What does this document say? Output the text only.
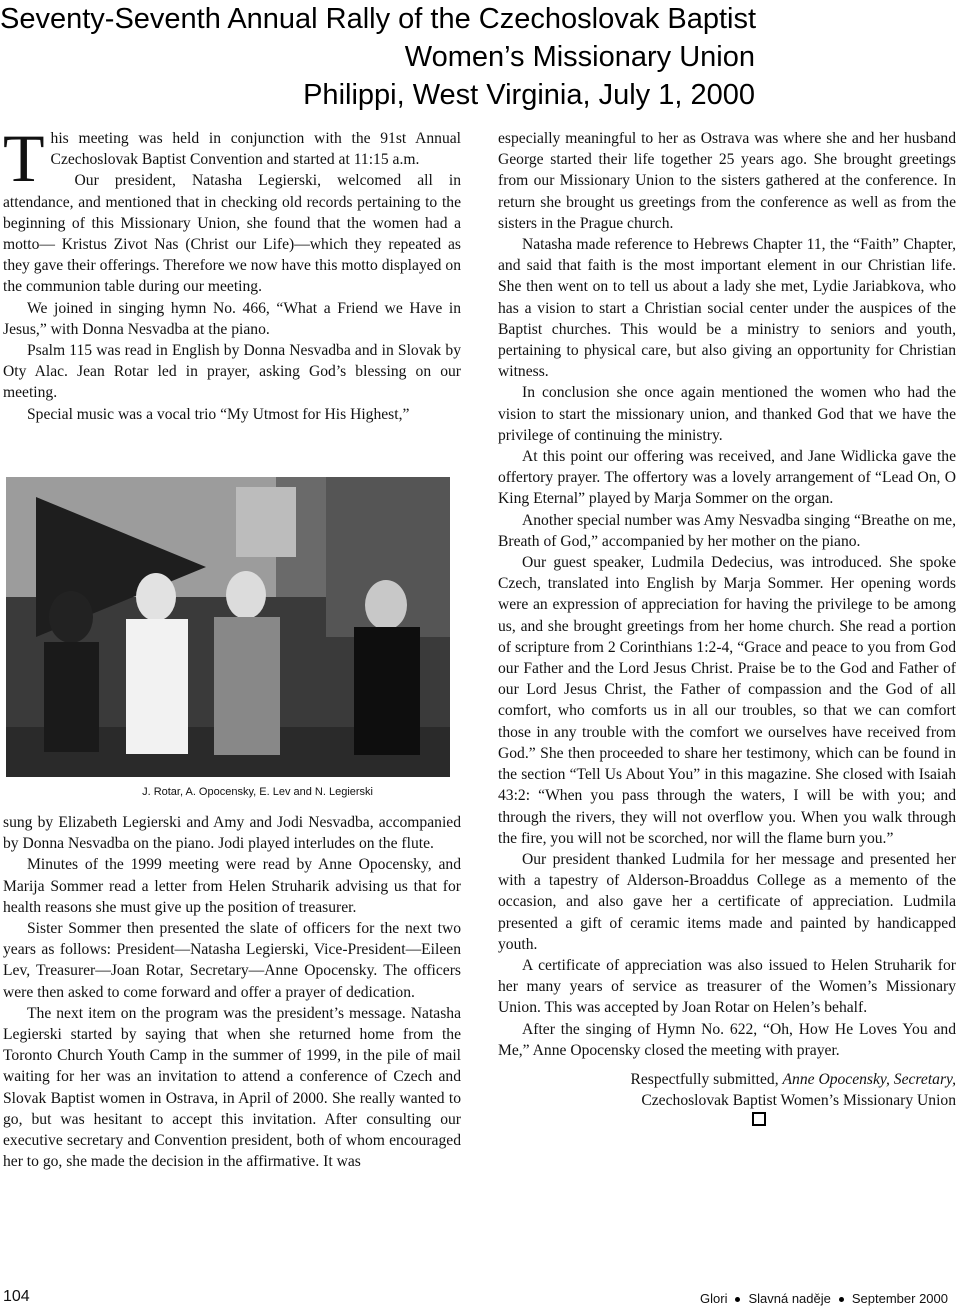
Seventy-Seventh Annual Rally of the Czechoslovak Baptist
Women’s Missionary Union
Philippi, West Virginia, July 1, 2000

This meeting was held in conjunction with the 91st Annual Czechoslovak Baptist Convention and started at 11:15 a.m.

Our president, Natasha Legierski, welcomed all in attendance, and mentioned that in checking old records pertaining to the beginning of this Missionary Union, she found that the women had a motto— Kristus Zivot Nas (Christ our Life)—which they repeated as they gave their offerings. Therefore we now have this motto displayed on the communion table during our meeting.

We joined in singing hymn No. 466, “What a Friend we Have in Jesus,” with Donna Nesvadba at the piano.

Psalm 115 was read in English by Donna Nesvadba and in Slovak by Oty Alac. Jean Rotar led in prayer, asking God’s blessing on our meeting.

Special music was a vocal trio “My Utmost for His Highest,”

J. Rotar, A. Opocensky, E. Lev and N. Legierski

sung by Elizabeth Legierski and Amy and Jodi Nesvadba, accompanied by Donna Nesvadba on the piano. Jodi played interludes on the flute.

Minutes of the 1999 meeting were read by Anne Opocensky, and Marija Sommer read a letter from Helen Struharik advising us that for health reasons she must give up the position of treasurer.

Sister Sommer then presented the slate of officers for the next two years as follows: President—Natasha Legierski, Vice-President—Eileen Lev, Treasurer—Joan Rotar, Secretary—Anne Opocensky. The officers were then asked to come forward and offer a prayer of dedication.

The next item on the program was the president’s message. Natasha Legierski started by saying that when she returned home from the Toronto Church Youth Camp in the summer of 1999, in the pile of mail waiting for her was an invitation to attend a conference of Czech and Slovak Baptist women in Ostrava, in April of 2000. She really wanted to go, but was hesitant to accept this invitation. After consulting our executive secretary and Convention president, both of whom encouraged her to go, she made the decision in the affirmative. It was

especially meaningful to her as Ostrava was where she and her husband George started their life together 25 years ago. She brought greetings from our Missionary Union to the sisters gathered at the conference. In return she brought us greetings from the conference as well as from the sisters in the Prague church.

Natasha made reference to Hebrews Chapter 11, the “Faith” Chapter, and said that faith is the most important element in our Christian life. She then went on to tell us about a lady she met, Lydie Jariabkova, who has a vision to start a Christian social center under the auspices of the Baptist churches. This would be a ministry to seniors and youth, pertaining to physical care, but also giving an opportunity for Christian witness.

In conclusion she once again mentioned the women who had the vision to start the missionary union, and thanked God that we have the privilege of continuing the ministry.

At this point our offering was received, and Jane Widlicka gave the offertory prayer. The offertory was a lovely arrangement of “Lead On, O King Eternal” played by Marja Sommer on the organ.

Another special number was Amy Nesvadba singing “Breathe on me, Breath of God,” accompanied by her mother on the piano.

Our guest speaker, Ludmila Dedecius, was introduced. She spoke Czech, translated into English by Marja Sommer. Her opening words were an expression of appreciation for having the privilege to be among us, and she brought greetings from her home church. She read a portion of scripture from 2 Corinthians 1:2-4, “Grace and peace to you from God our Father and the Lord Jesus Christ. Praise be to the God and Father of our Lord Jesus Christ, the Father of compassion and the God of all comfort, who comforts us in all our troubles, so that we can comfort those in any trouble with the comfort we ourselves have received from God.” She then proceeded to share her testimony, which can be found in the section “Tell Us About You” in this magazine. She closed with Isaiah 43:2: “When you pass through the waters, I will be with you; and through the rivers, they will not overflow you. When you walk through the fire, you will not be scorched, nor will the flame burn you.”

Our president thanked Ludmila for her message and presented her with a tapestry of Alderson-Broaddus College as a memento of the occasion, and also gave her a certificate of appreciation. Ludmila presented a gift of ceramic items made and painted by handicapped youth.

A certificate of appreciation was also issued to Helen Struharik for her many years of service as treasurer of the Women’s Missionary Union. This was accepted by Joan Rotar on Helen’s behalf.

After the singing of Hymn No. 622, “Oh, How He Loves You and Me,” Anne Opocensky closed the meeting with prayer.

Respectfully submitted, Anne Opocensky, Secretary,

Czechoslovak Baptist Women’s Missionary Union

104	Glori Slavná naděje September 2000
